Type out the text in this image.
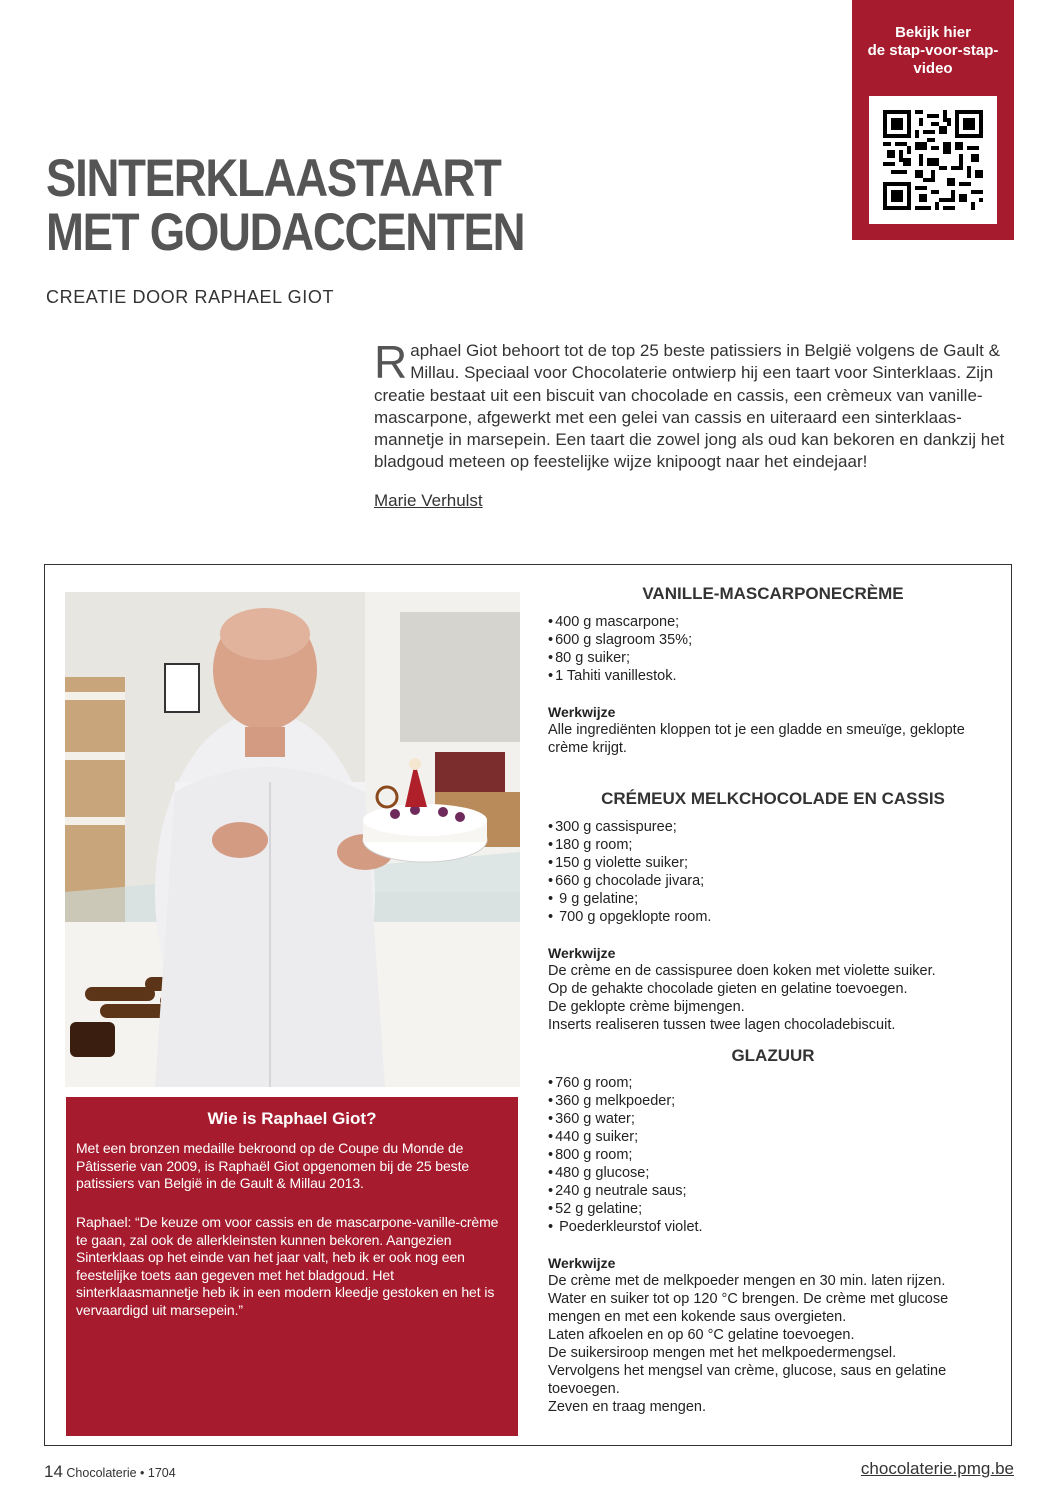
Bekijk hier
de stap-voor-stap-
video
SINTERKLAASTAART
MET GOUDACCENTEN
CREATIE DOOR RAPHAEL GIOT
R aphael Giot behoort tot de top 25 beste patissiers in België volgens de Gault & Millau. Speciaal voor Chocolaterie ontwierp hij een taart voor Sinterklaas. Zijn creatie bestaat uit een biscuit van chocolade en cassis, een crèmeux van vanille-mascarpone, afgewerkt met een gelei van cassis en uiteraard een sinterklaas-mannetje in marsepein. Een taart die zowel jong als oud kan bekoren en dankzij het bladgoud meteen op feestelijke wijze knipoogt naar het eindejaar!
Marie Verhulst
Wie is Raphael Giot?

Met een bronzen medaille bekroond op de Coupe du Monde de Pâtisserie van 2009, is Raphaël Giot opgenomen bij de 25 beste patissiers van België in de Gault & Millau 2013.

Raphael: “De keuze om voor cassis en de mascarpone-vanille-crème te gaan, zal ook de allerkleinsten kunnen bekoren. Aangezien Sinterklaas op het einde van het jaar valt, heb ik er ook nog een feestelijke toets aan gegeven met het bladgoud. Het sinterklaasmannetje heb ik in een modern kleedje gestoken en het is vervaardigd uit marsepein.”

VANILLE-MASCARPONECRÈME
• 400 g mascarpone;
• 600 g slagroom 35%;
• 80 g suiker;
• 1 Tahiti vanillestok.
Werkwijze
Alle ingrediënten kloppen tot je een gladde en smeuïge, geklopte crème krijgt.
CRÉMEUX MELKCHOCOLADE EN CASSIS
• 300 g cassispuree;
• 180 g room;
• 150 g violette suiker;
• 660 g chocolade jivara;
• 9 g gelatine;
• 700 g opgeklopte room.
Werkwijze
De crème en de cassispuree doen koken met violette suiker.
Op de gehakte chocolade gieten en gelatine toevoegen.
De geklopte crème bijmengen.
Inserts realiseren tussen twee lagen chocoladebiscuit.
GLAZUUR
• 760 g room;
• 360 g melkpoeder;
• 360 g water;
• 440 g suiker;
• 800 g room;
• 480 g glucose;
• 240 g neutrale saus;
• 52 g gelatine;
• Poederkleurstof violet.
Werkwijze
De crème met de melkpoeder mengen en 30 min. laten rijzen.
Water en suiker tot op 120 °C brengen. De crème met glucose mengen en met een kokende saus overgieten.
Laten afkoelen en op 60 °C gelatine toevoegen.
De suikersiroop mengen met het melkpoedermengsel.
Vervolgens het mengsel van crème, glucose, saus en gelatine toevoegen.
Zeven en traag mengen.
14 Chocolaterie • 1704	chocolaterie.pmg.be
